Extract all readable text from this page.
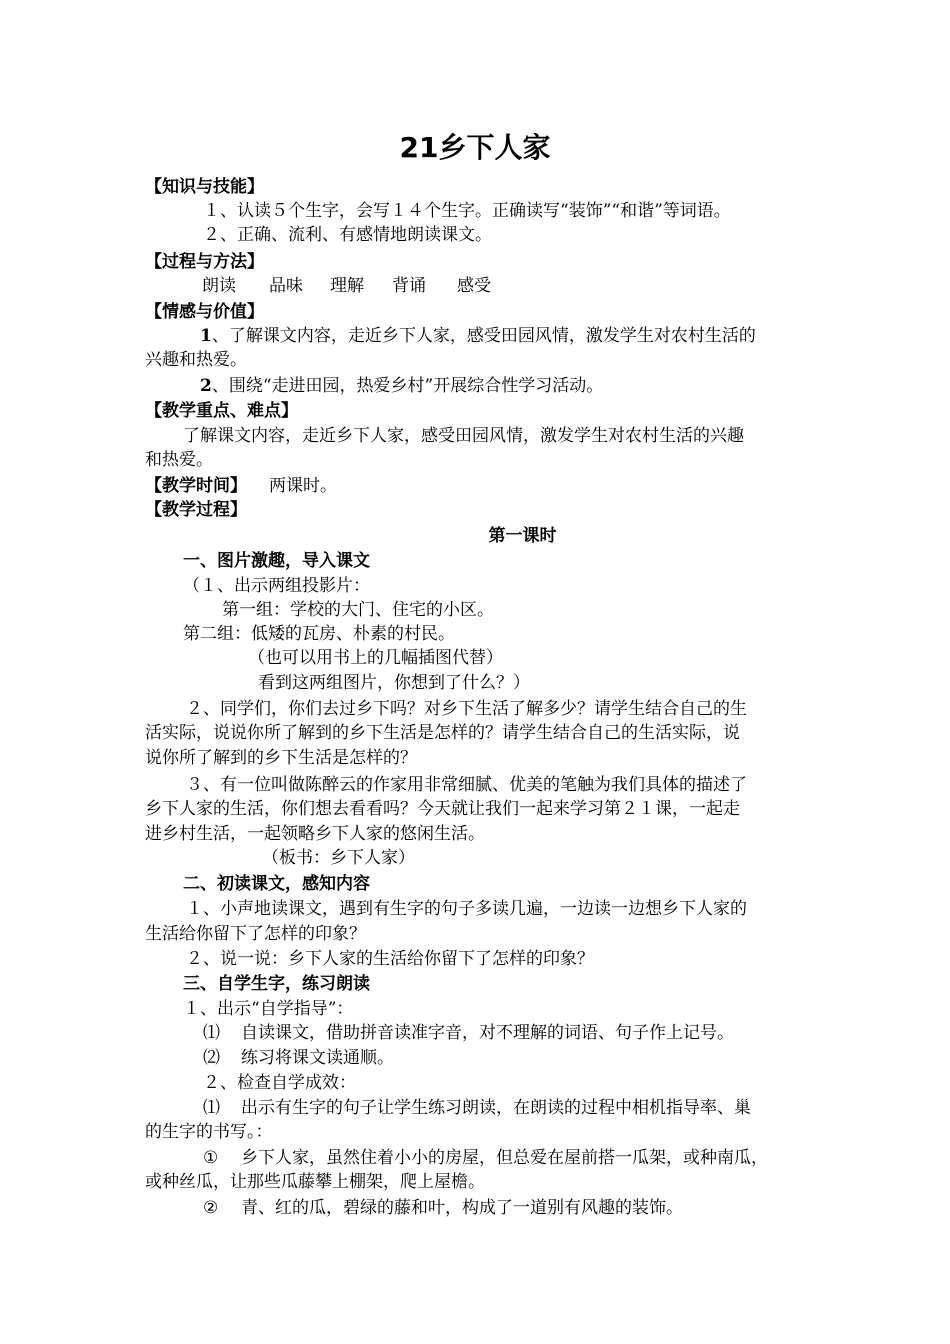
21乡下人家
【知识与技能】
１、认读５个生字，会写１４个生字。正确读写“装饰”“和谐”等词语。
２、正确、流利、有感情地朗读课文。
【过程与方法】
朗读 品味 理解 背诵 感受
【情感与价值】
1、了解课文内容，走近乡下人家，感受田园风情，激发学生对农村生活的
兴趣和热爱。
2、围绕“走进田园，热爱乡村”开展综合性学习活动。
【教学重点、难点】
了解课文内容，走近乡下人家，感受田园风情，激发学生对农村生活的兴趣
和热爱。
【教学时间】 两课时。
【教学过程】
第一课时
一、图片激趣，导入课文
（１、出示两组投影片：
第一组：学校的大门、住宅的小区。
第二组：低矮的瓦房、朴素的村民。
（也可以用书上的几幅插图代替）
看到这两组图片，你想到了什么？）
２、同学们，你们去过乡下吗？对乡下生活了解多少？请学生结合自己的生
活实际，说说你所了解到的乡下生活是怎样的？请学生结合自己的生活实际，说
说你所了解到的乡下生活是怎样的？
３、有一位叫做陈醉云的作家用非常细腻、优美的笔触为我们具体的描述了
乡下人家的生活，你们想去看看吗？今天就让我们一起来学习第２１课，一起走
进乡村生活，一起领略乡下人家的悠闲生活。
（板书：乡下人家）
二、初读课文，感知内容
１、小声地读课文，遇到有生字的句子多读几遍，一边读一边想乡下人家的
生活给你留下了怎样的印象？
２、说一说：乡下人家的生活给你留下了怎样的印象？
三、自学生字，练习朗读
１、出示“自学指导”：
⑴ 自读课文，借助拼音读准字音，对不理解的词语、句子作上记号。
⑵ 练习将课文读通顺。
２、检查自学成效：
⑴ 出示有生字的句子让学生练习朗读，在朗读的过程中相机指导率、巢
的生字的书写。：
① 乡下人家，虽然住着小小的房屋，但总爱在屋前搭一瓜架，或种南瓜，
或种丝瓜，让那些瓜藤攀上棚架，爬上屋檐。
② 青、红的瓜，碧绿的藤和叶，构成了一道别有风趣的装饰。
